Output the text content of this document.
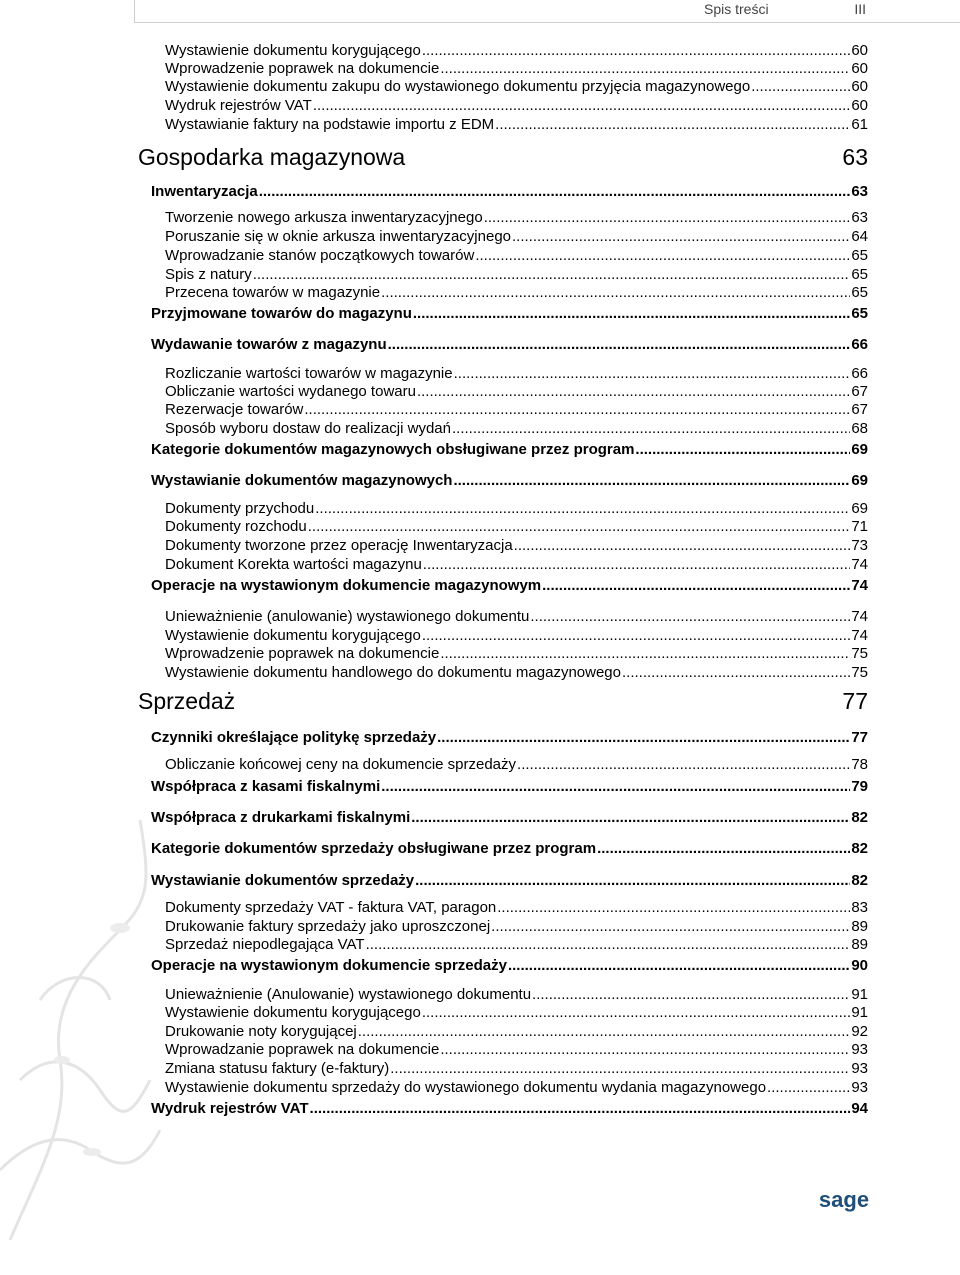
Spis treści	III
Wystawienie dokumentu korygującego .....	60
Wprowadzenie poprawek na dokumencie .....	60
Wystawienie dokumentu zakupu do wystawionego dokumentu przyjęcia magazynowego .....	60
Wydruk rejestrów VAT .....	60
Wystawianie faktury na podstawie importu z EDM .....	61
Gospodarka magazynowa	63
Inwentaryzacja .....	63
Tworzenie nowego arkusza inwentaryzacyjnego .....	63
Poruszanie się w oknie arkusza inwentaryzacyjnego .....	64
Wprowadzanie stanów początkowych towarów .....	65
Spis z natury .....	65
Przecena towarów w magazynie .....	65
Przyjmowane towarów do magazynu .....	65
Wydawanie towarów z magazynu .....	66
Rozliczanie wartości towarów w magazynie .....	66
Obliczanie wartości wydanego towaru .....	67
Rezerwacje towarów .....	67
Sposób wyboru dostaw do realizacji wydań .....	68
Kategorie dokumentów magazynowych obsługiwane przez program .....	69
Wystawianie dokumentów magazynowych .....	69
Dokumenty przychodu .....	69
Dokumenty rozchodu .....	71
Dokumenty tworzone przez operację Inwentaryzacja .....	73
Dokument Korekta wartości magazynu .....	74
Operacje na wystawionym dokumencie magazynowym .....	74
Unieważnienie (anulowanie) wystawionego dokumentu .....	74
Wystawienie dokumentu korygującego .....	74
Wprowadzenie poprawek na dokumencie .....	75
Wystawienie dokumentu handlowego do dokumentu magazynowego .....	75
Sprzedaż	77
Czynniki określające politykę sprzedaży .....	77
Obliczanie końcowej ceny na dokumencie sprzedaży .....	78
Współpraca z kasami fiskalnymi .....	79
Współpraca z drukarkami fiskalnymi .....	82
Kategorie dokumentów sprzedaży obsługiwane przez program .....	82
Wystawianie dokumentów sprzedaży .....	82
Dokumenty sprzedaży VAT - faktura VAT, paragon .....	83
Drukowanie faktury sprzedaży jako uproszczonej .....	89
Sprzedaż niepodlegająca VAT .....	89
Operacje na wystawionym dokumencie sprzedaży .....	90
Unieważnienie (Anulowanie) wystawionego dokumentu .....	91
Wystawienie dokumentu korygującego .....	91
Drukowanie noty korygującej .....	92
Wprowadzanie poprawek na dokumencie .....	93
Zmiana statusu faktury (e-faktury) .....	93
Wystawienie dokumentu sprzedaży do wystawionego dokumentu wydania magazynowego .....	93
Wydruk rejestrów VAT .....	94
sage
